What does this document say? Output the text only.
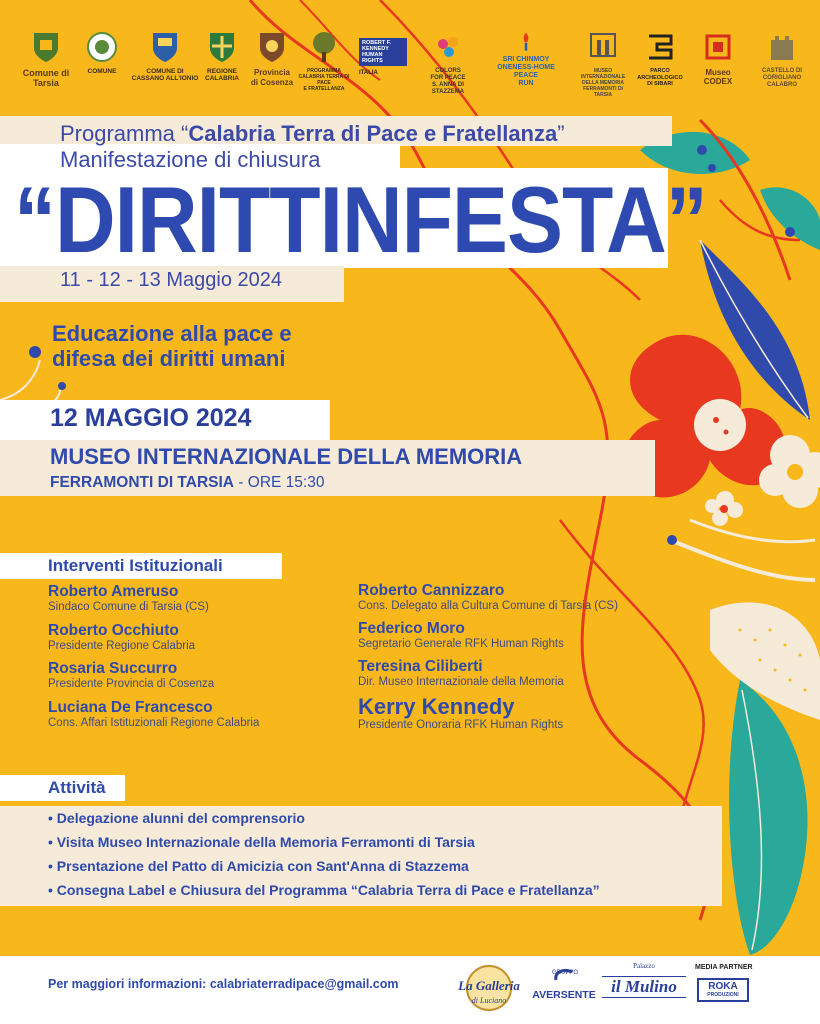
Comune di
Tarsia
COMUNE	COMUNE DI
CASSANO ALL'IONIO
REGIONE
CALABRIA
Provincia
di Cosenza
PROGRAMMA
CALABRIA TERRA DI PACE
E FRATELLANZA
ROBERT F. KENNEDY HUMAN RIGHTS
ITALIA	COLORS
FOR PEACE
S. ANNA DI STAZZEMA
SRI CHINMOY
ONENESS-HOME
PEACE
RUN
MUSEO INTERNAZIONALE
DELLA MEMORIA
FERRAMONTI DI TARSIA
PARCO
ARCHEOLOGICO
DI SIBARI
Museo
CODEX
CASTELLO DI
CORIGLIANO
CALABRO
Programma “Calabria Terra di Pace e Fratellanza”
Manifestazione di chiusura
“DIRITTINFESTA”
11 - 12 - 13 Maggio 2024
Educazione alla pace e
difesa dei diritti umani
12 MAGGIO 2024
MUSEO INTERNAZIONALE DELLA MEMORIA
FERRAMONTI DI TARSIA - ORE 15:30
Interventi Istituzionali
Roberto Ameruso
Sindaco Comune di Tarsia (CS)
Roberto Occhiuto
Presidente Regione Calabria
Rosaria Succurro
Presidente Provincia di Cosenza
Luciana De Francesco
Cons. Affari Istituzionali Regione Calabria
Roberto Cannizzaro
Cons. Delegato alla Cultura Comune di Tarsia (CS)
Federico Moro
Segretario Generale RFK Human Rights
Teresina Ciliberti
Dir. Museo Internazionale della Memoria
Kerry Kennedy
Presidente Onoraria RFK Human Rights
Attività
• Delegazione alunni del comprensorio
• Visita Museo Internazionale della Memoria Ferramonti di Tarsia
• Prsentazione del Patto di Amicizia con Sant'Anna di Stazzema
• Consegna Label e Chiusura del Programma “Calabria Terra di Pace e Fratellanza”
Per maggiori informazioni: calabriaterradipace@gmail.com	La Galleria
di Luciano
GRUPPO
AVERSENTE
Palazzo
il Mulino
MEDIA PARTNER
ROKA
PRODUZIONI
